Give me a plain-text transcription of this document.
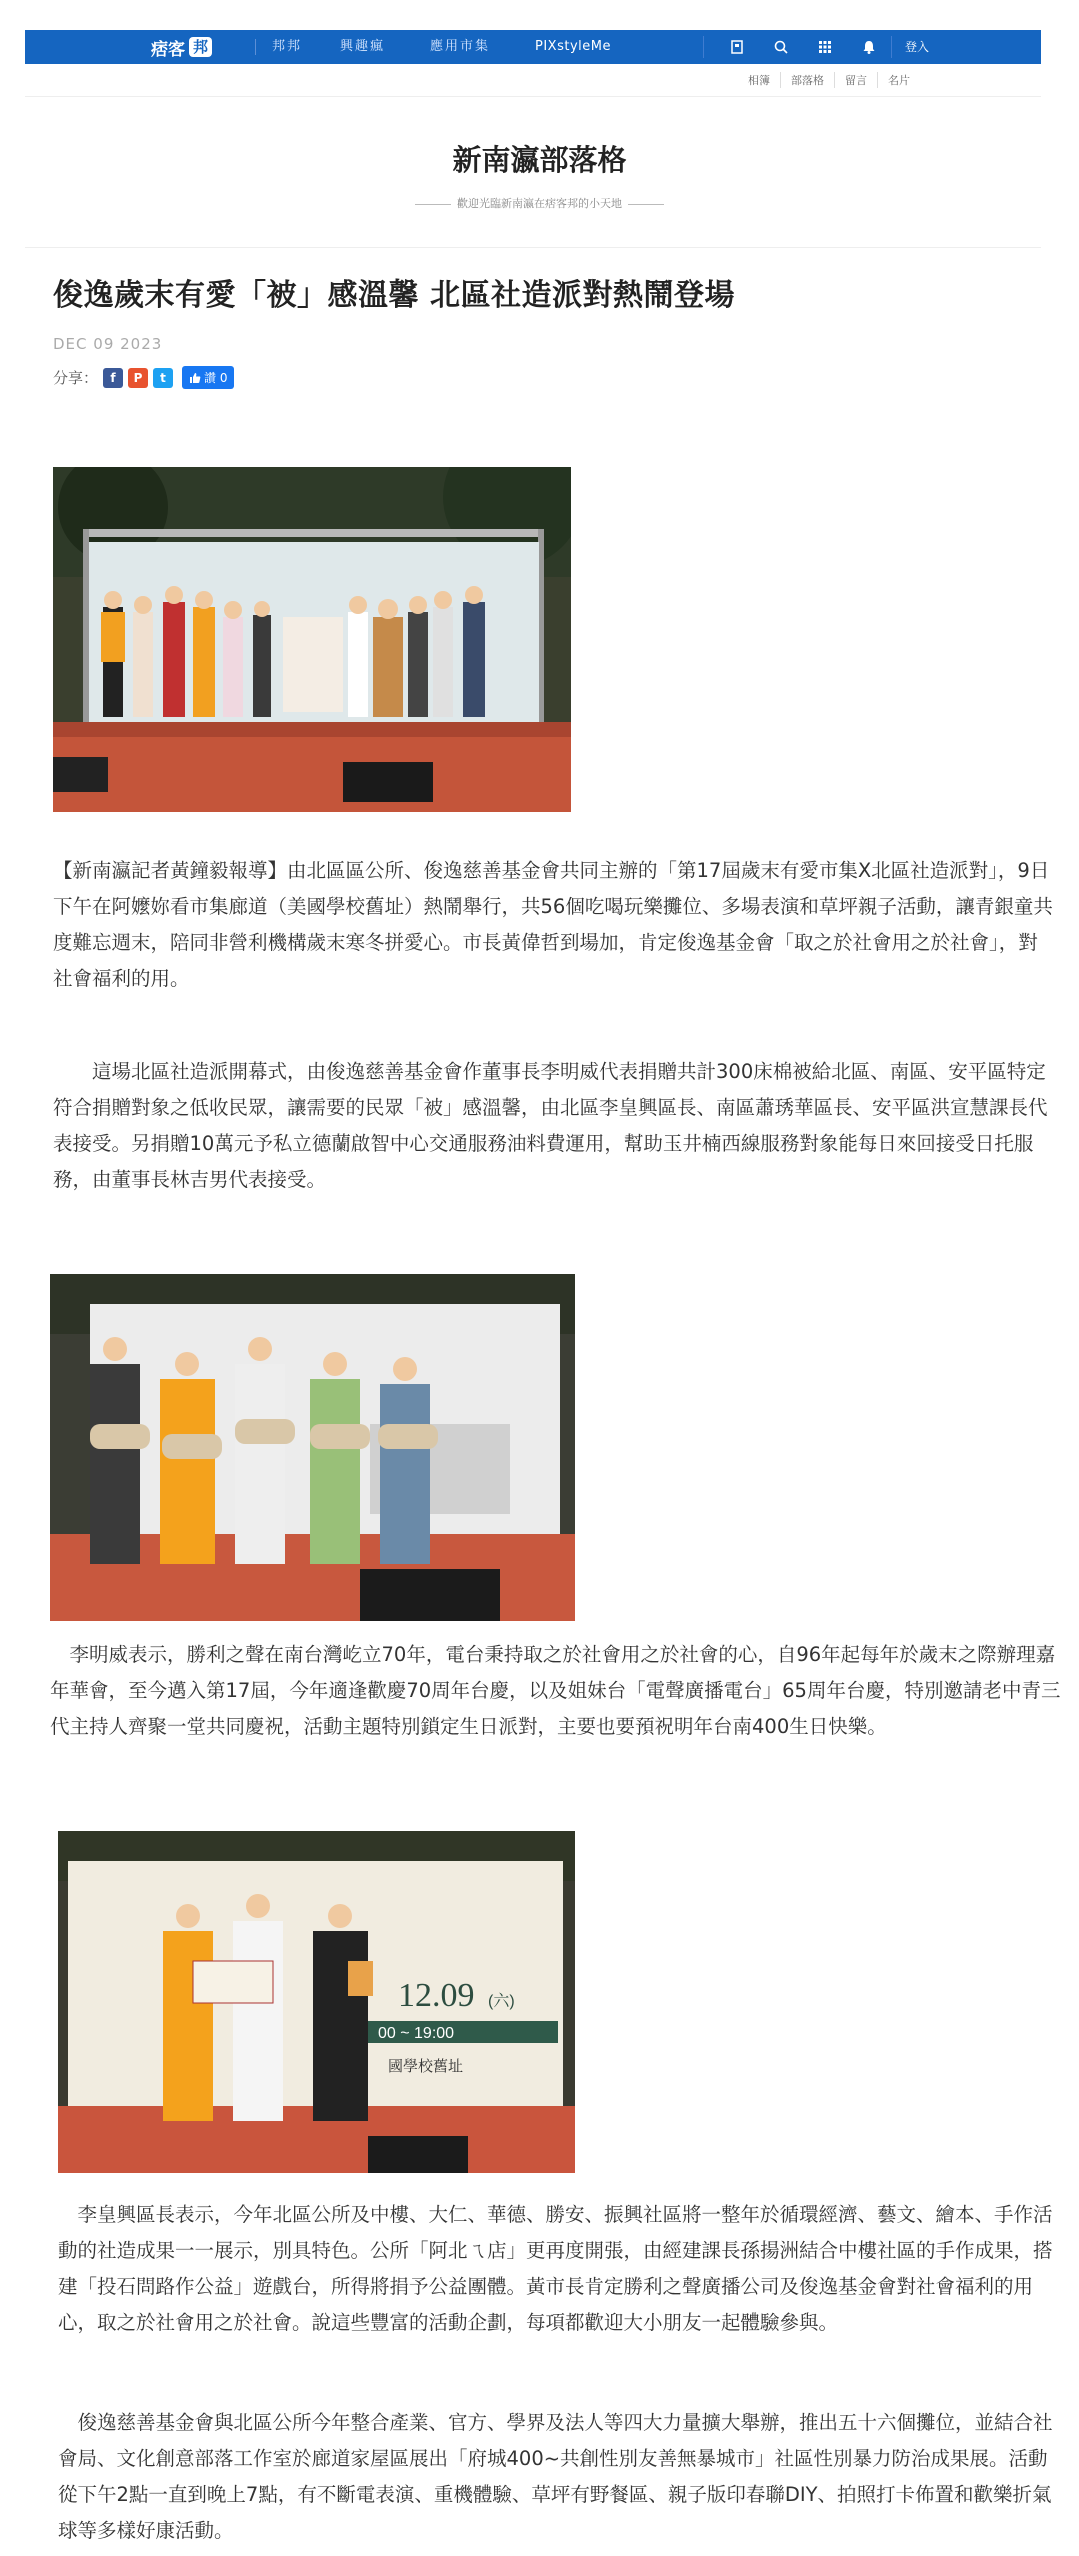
痞客 邦	邦邦	興趣瘋	應用市集	PIXstyleMe	登入
相簿	部落格	留言	名片
新南瀛部落格
歡迎光臨新南瀛在痞客邦的小天地
俊逸歲末有愛「被」感溫馨 北區社造派對熱鬧登場
DEC 09 2023
分享：	f	P	t	讚 0
【新南瀛記者黃鐘毅報導】由北區區公所、俊逸慈善基金會共同主辦的「第17屆歲末有愛市集X北區社造派對」，9日下午在阿嬤妳看市集廊道（美國學校舊址）熱鬧舉行，共56個吃喝玩樂攤位、多場表演和草坪親子活動，讓青銀童共度難忘週末，陪同非營利機構歲末寒冬拼愛心。市長黃偉哲到場加，肯定俊逸基金會「取之於社會用之於社會」，對社會福利的用。
　　這場北區社造派開幕式，由俊逸慈善基金會作董事長李明威代表捐贈共計300床棉被給北區、南區、安平區特定符合捐贈對象之低收民眾，讓需要的民眾「被」感溫馨，由北區李皇興區長、南區蕭琇華區長、安平區洪宣慧課長代表接受。另捐贈10萬元予私立德蘭啟智中心交通服務油料費運用，幫助玉井楠西線服務對象能每日來回接受日托服務，由董事長林吉男代表接受。
　李明威表示，勝利之聲在南台灣屹立70年，電台秉持取之於社會用之於社會的心，自96年起每年於歲末之際辦理嘉年華會，至今邁入第17屆，今年適逢歡慶70周年台慶，以及姐妹台「電聲廣播電台」65周年台慶，特別邀請老中青三代主持人齊聚一堂共同慶祝，活動主題特別鎖定生日派對，主要也要預祝明年台南400生日快樂。
12.09 (六)
00 ~ 19:00
國學校舊址
　李皇興區長表示，今年北區公所及中樓、大仁、華德、勝安、振興社區將一整年於循環經濟、藝文、繪本、手作活動的社造成果一一展示，別具特色。公所「阿北ㄟ店」更再度開張，由經建課長孫揚洲結合中樓社區的手作成果，搭建「投石問路作公益」遊戲台，所得將捐予公益團體。黃市長肯定勝利之聲廣播公司及俊逸基金會對社會福利的用心，取之於社會用之於社會。說這些豐富的活動企劃，每項都歡迎大小朋友一起體驗參與。
　俊逸慈善基金會與北區公所今年整合產業、官方、學界及法人等四大力量擴大舉辦，推出五十六個攤位，並結合社會局、文化創意部落工作室於廊道家屋區展出「府城400~共創性別友善無暴城市」社區性別暴力防治成果展。活動從下午2點一直到晚上7點，有不斷電表演、重機體驗、草坪有野餐區、親子版印春聯DIY、拍照打卡佈置和歡樂折氣球等多樣好康活動。
